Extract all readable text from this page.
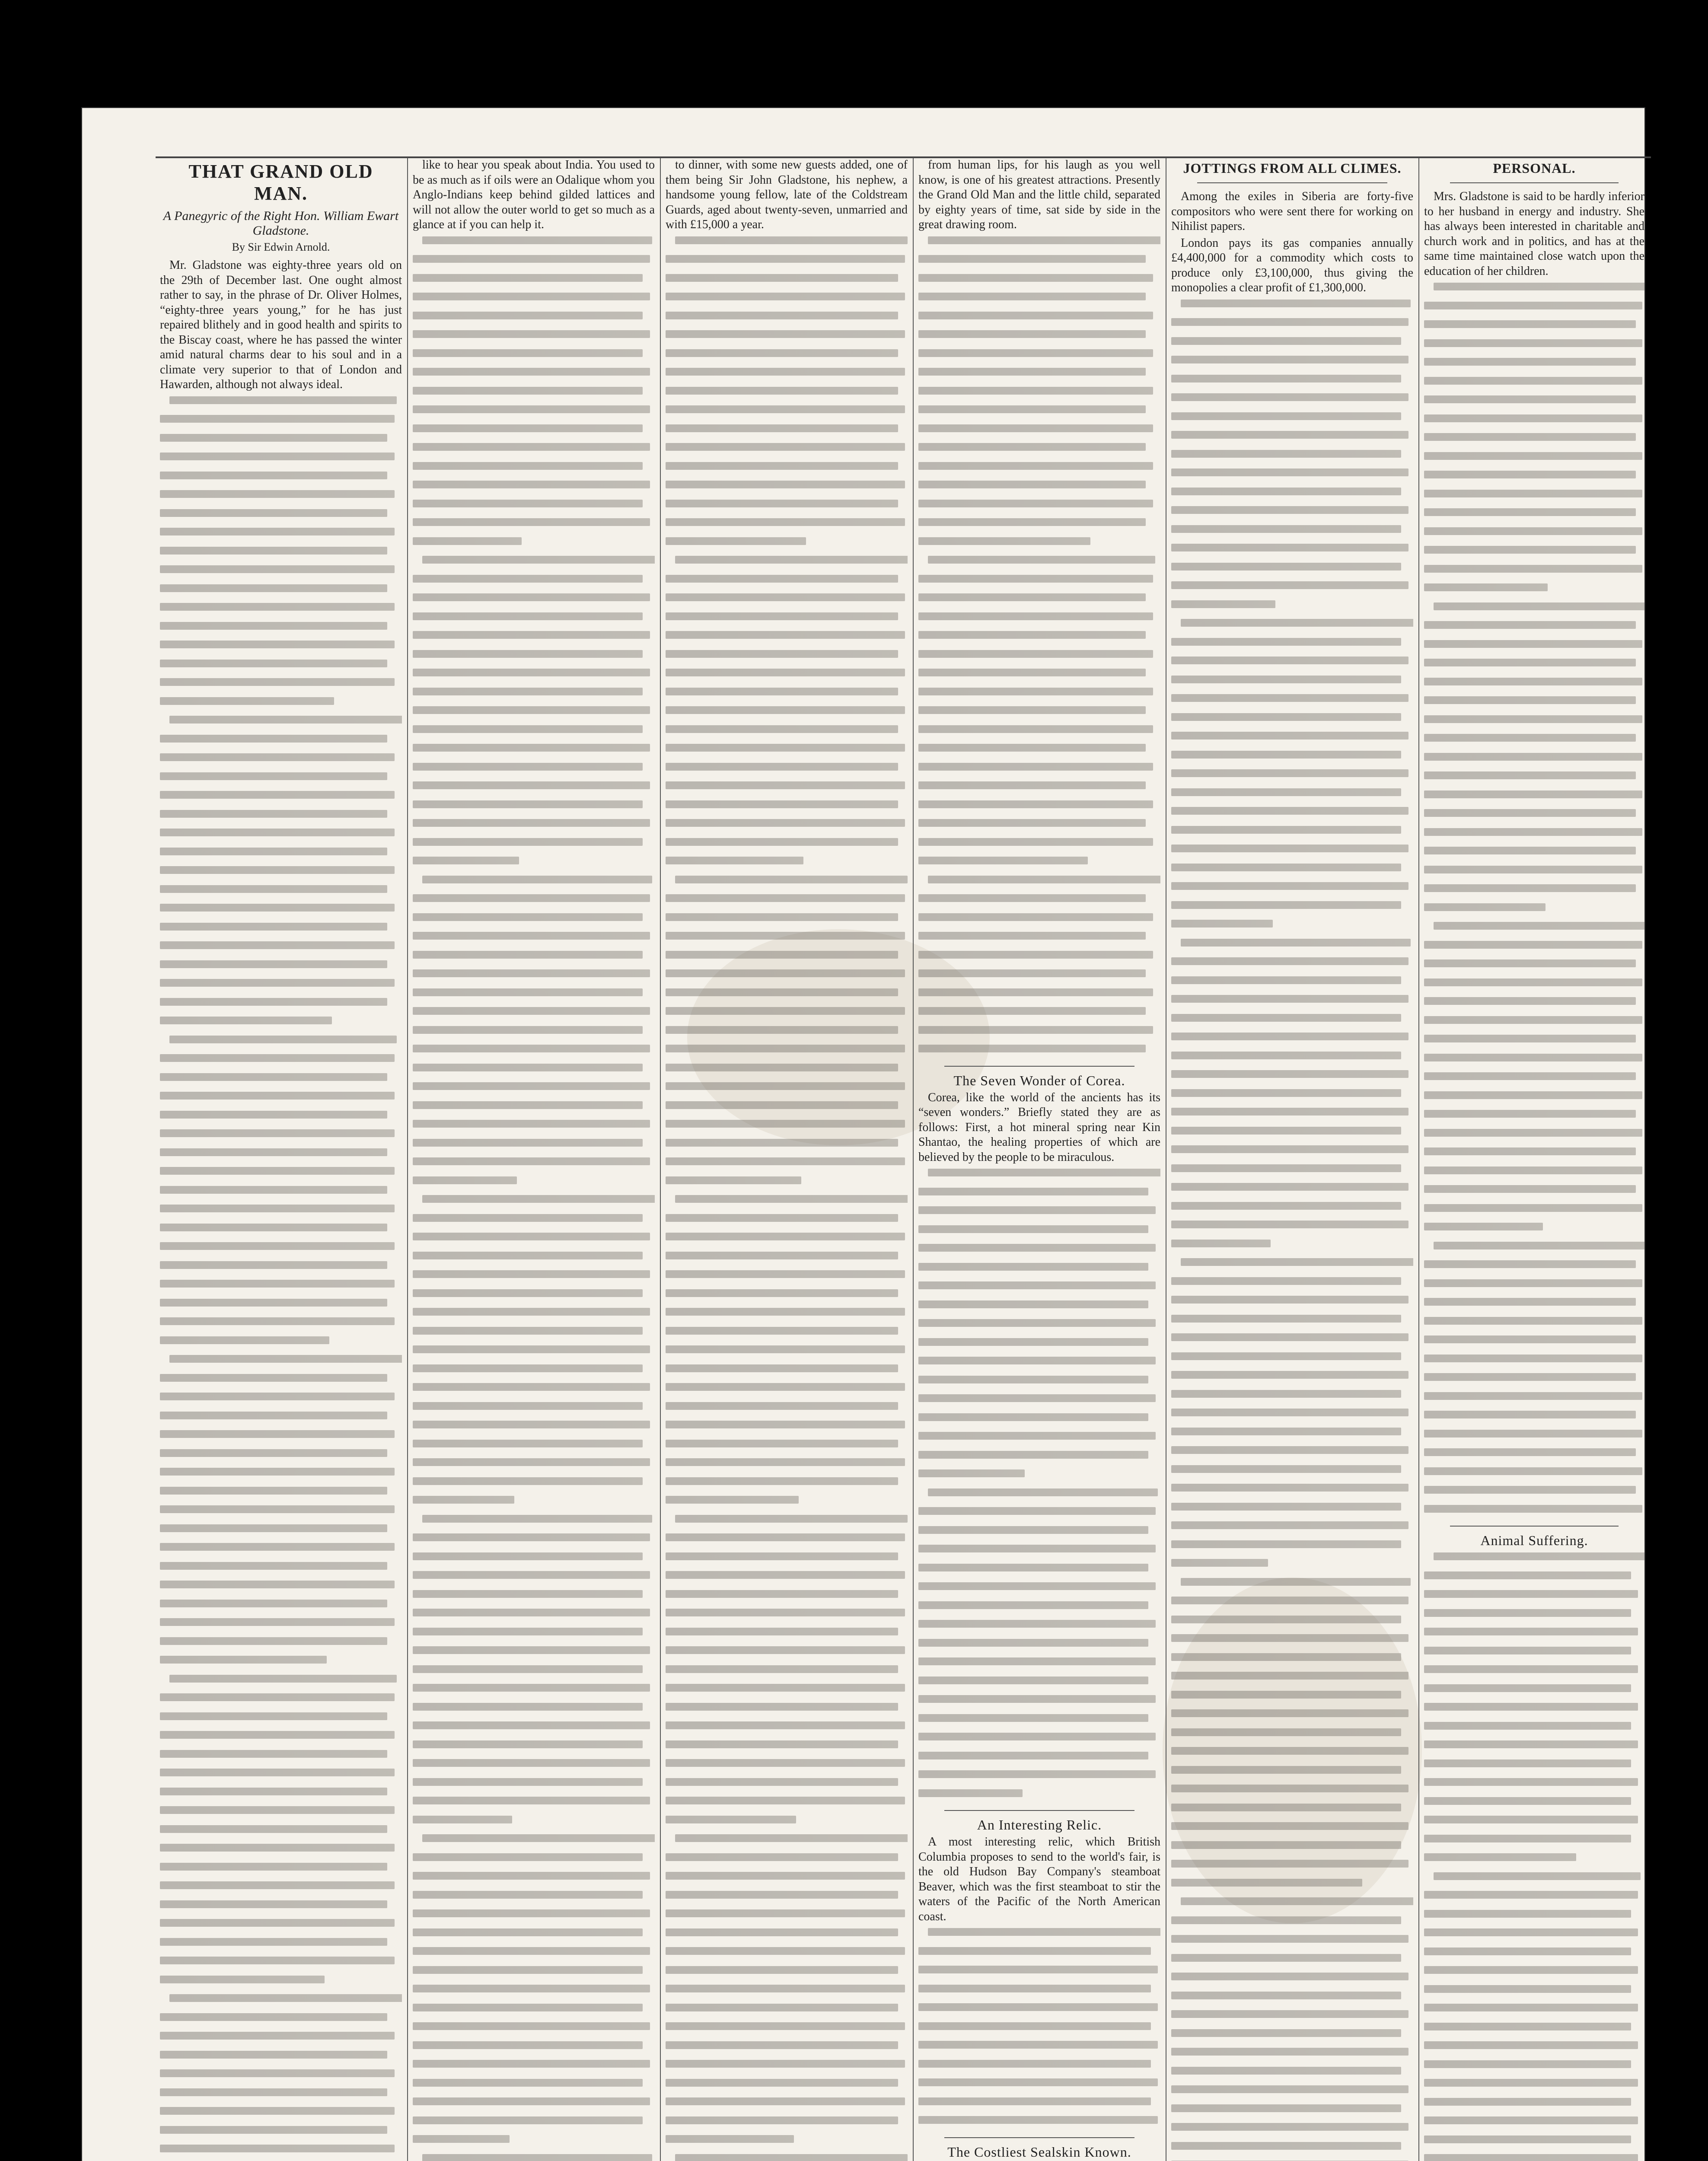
THAT GRAND OLD MAN.
A Panegyric of the Right Hon. William Ewart Gladstone.
By Sir Edwin Arnold.

Mr. Gladstone was eighty-three years old on the 29th of December last. One ought almost rather to say, in the phrase of Dr. Oliver Holmes, “eighty-three years young,” for he has just repaired blithely and in good health and spirits to the Biscay coast, where he has passed the winter amid natural charms dear to his soul and in a climate very superior to that of London and Hawarden, although not always ideal.

like to hear you speak about India. You used to be as much as if oils were an Odalique whom you Anglo-Indians keep behind gilded lattices and will not allow the outer world to get so much as a glance at if you can help it.

to dinner, with some new guests added, one of them being Sir John Gladstone, his nephew, a handsome young fellow, late of the Coldstream Guards, aged about twenty-seven, unmarried and with £15,000 a year.

from human lips, for his laugh as you well know, is one of his greatest attractions. Presently the Grand Old Man and the little child, separated by eighty years of time, sat side by side in the great drawing room.

The Seven Wonder of Corea.

Corea, like the world of the ancients has its “seven wonders.” Briefly stated they are as follows: First, a hot mineral spring near Kin Shantao, the healing properties of which are believed by the people to be miraculous.

An Interesting Relic.

A most interesting relic, which British Columbia proposes to send to the world's fair, is the old Hudson Bay Company's steamboat Beaver, which was the first steamboat to stir the waters of the Pacific of the North American coast.

The Costliest Sealskin Known.

JOTTINGS FROM ALL CLIMES.

Among the exiles in Siberia are forty-five compositors who were sent there for working on Nihilist papers.

London pays its gas companies annually £4,400,000 for a commodity which costs to produce only £3,100,000, thus giving the monopolies a clear profit of £1,300,000.

PERSONAL.

Mrs. Gladstone is said to be hardly inferior to her husband in energy and industry. She has always been interested in charitable and church work and in politics, and has at the same time maintained close watch upon the education of her children.

Animal Suffering.
